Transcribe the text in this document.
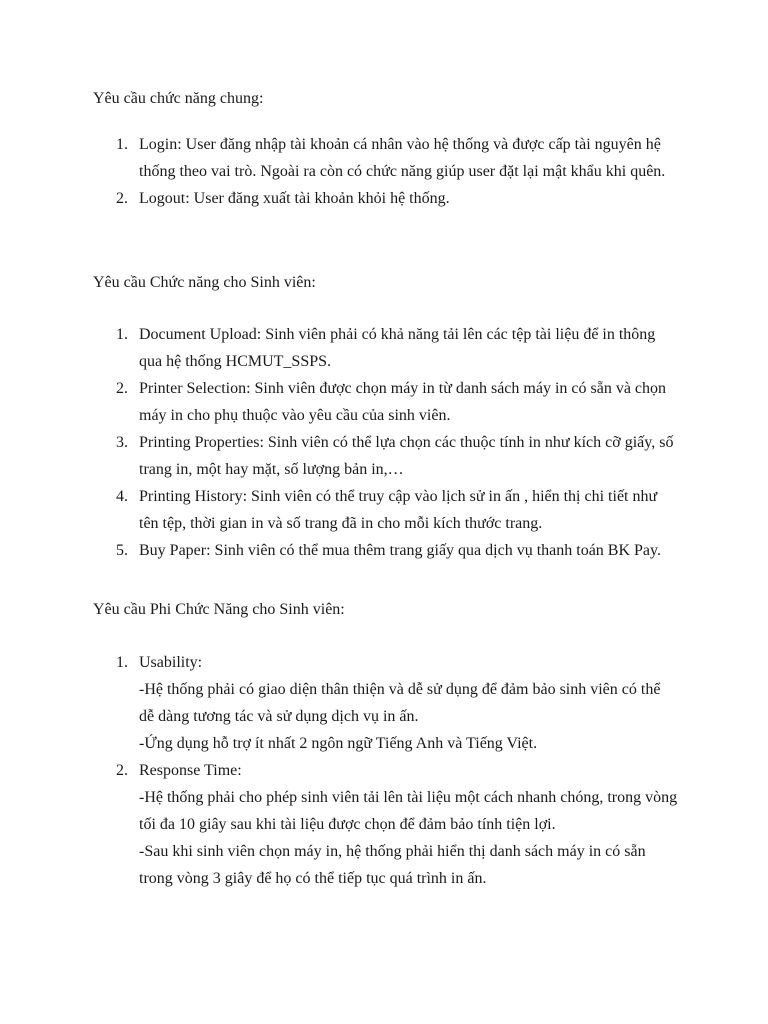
Yêu cầu chức năng chung:

1. Login: User đăng nhập tài khoản cá nhân vào hệ thống và được cấp tài nguyên hệ thống theo vai trò. Ngoài ra còn có chức năng giúp user đặt lại mật khẩu khi quên.
2. Logout: User đăng xuất tài khoản khỏi hệ thống.

Yêu cầu Chức năng cho Sinh viên:

1. Document Upload: Sinh viên phải có khả năng tải lên các tệp tài liệu để in thông qua hệ thống HCMUT_SSPS.
2. Printer Selection: Sinh viên được chọn máy in từ danh sách máy in có sẵn và chọn máy in cho phụ thuộc vào yêu cầu của sinh viên.
3. Printing Properties: Sinh viên có thể lựa chọn các thuộc tính in như kích cỡ giấy, số trang in, một hay mặt, số lượng bản in,…
4. Printing History: Sinh viên có thể truy cập vào lịch sử in ấn , hiển thị chi tiết như tên tệp, thời gian in và số trang đã in cho mỗi kích thước trang.
5. Buy Paper: Sinh viên có thể mua thêm trang giấy qua dịch vụ thanh toán BK Pay.

Yêu cầu Phi Chức Năng cho Sinh viên:

1. Usability:
-Hệ thống phải có giao diện thân thiện và dễ sử dụng để đảm bảo sinh viên có thể dễ dàng tương tác và sử dụng dịch vụ in ấn.
-Ứng dụng hỗ trợ ít nhất 2 ngôn ngữ Tiếng Anh và Tiếng Việt.
2. Response Time:
-Hệ thống phải cho phép sinh viên tải lên tài liệu một cách nhanh chóng, trong vòng tối đa 10 giây sau khi tài liệu được chọn để đảm bảo tính tiện lợi.
-Sau khi sinh viên chọn máy in, hệ thống phải hiển thị danh sách máy in có sẵn trong vòng 3 giây để họ có thể tiếp tục quá trình in ấn.
